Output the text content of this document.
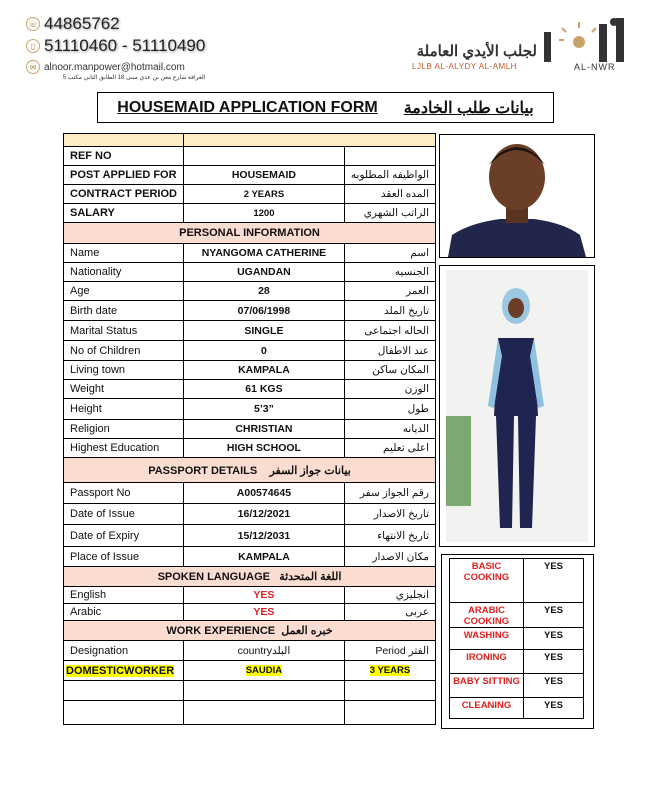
☏ 44865762
▯ 51110460 - 51110490
✉ alnoor.manpower@hotmail.com
الغرافة شارع معن بن عدي مبنى 18 الطابق الثاني مكتب 5
لجلب الأيدي العاملة
LJLB AL-ALYDY AL-AMLH	AL-NWR
HOUSEMAID APPLICATION FORM بيانات طلب الخادمة

REF NO		
POST APPLIED FOR	HOUSEMAID	الواظيفه المطلوبه
CONTRACT PERIOD	2 YEARS	المده العقد
SALARY	1200	الراتب الشهري
PERSONAL INFORMATION		
Name	NYANGOMA CATHERINE	اسم
Nationality	UGANDAN	الجنسيه
Age	28	العمر
Birth date	07/06/1998	تاريخ الملد
Marital Status	SINGLE	الحاله اجتماعى
No of Children	0	عند الاطفال
Living town	KAMPALA	المكان ساكن
Weight	61 KGS	الوزن
Height	5’3”	طول
Religion	CHRISTIAN	الديانه
Highest Education	HIGH SCHOOL	اعلى تعليم
PASSPORT DETAILS بيانات جواز السفر		
Passport No	A00574645	رقم الجواز سفر
Date of Issue	16/12/2021	تاريخ الاصدار
Date of Expiry	15/12/2031	تاريخ الانتهاء
Place of Issue	KAMPALA	مكان الاصدار
SPOKEN LANGUAGE اللغة المتحدثة		
English	YES	انجليزي
Arabic	YES	عربى
WORK EXPERIENCE خبره العمل		
Designation	countryالبلد	الفتر Period
DOMESTICWORKER	SAUDIA	3 YEARS

BASIC COOKING	YES
ARABIC COOKING	YES
WASHING	YES
IRONING	YES
BABY SITTING	YES
CLEANING	YES
